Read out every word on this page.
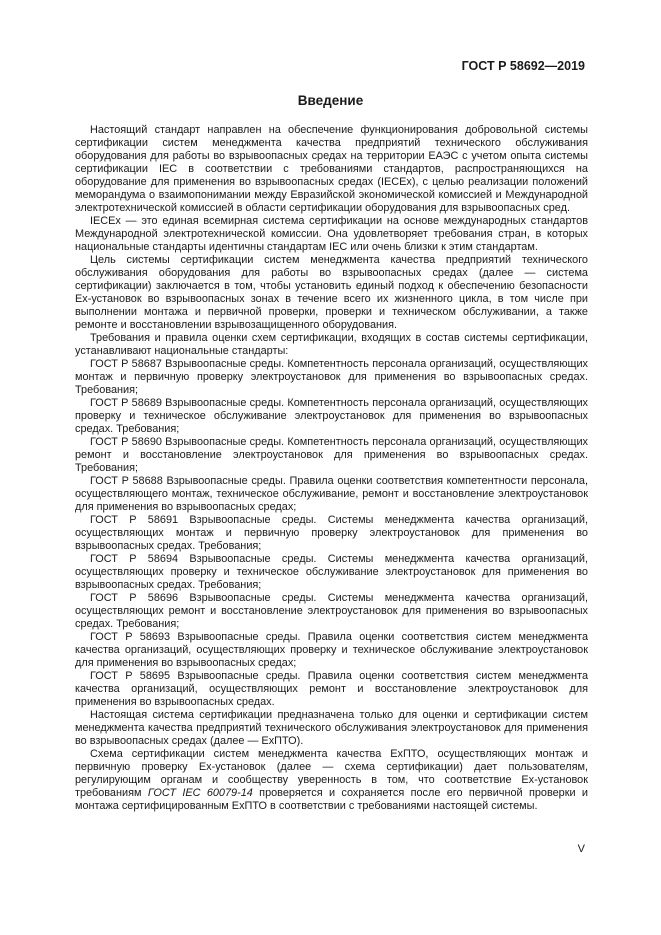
ГОСТ Р 58692—2019
Введение

Настоящий стандарт направлен на обеспечение функционирования добровольной системы сертификации систем менеджмента качества предприятий технического обслуживания оборудования для работы во взрывоопасных средах на территории ЕАЭС с учетом опыта системы сертификации IEC в соответствии с требованиями стандартов, распространяющихся на оборудование для применения во взрывоопасных средах (IECEx), с целью реализации положений меморандума о взаимопонимании между Евразийской экономической комиссией и Международной электротехнической комиссией в области сертификации оборудования для взрывоопасных сред.

IECEx — это единая всемирная система сертификации на основе международных стандартов Международной электротехнической комиссии. Она удовлетворяет требования стран, в которых национальные стандарты идентичны стандартам IEC или очень близки к этим стандартам.

Цель системы сертификации систем менеджмента качества предприятий технического обслуживания оборудования для работы во взрывоопасных средах (далее — система сертификации) заключается в том, чтобы установить единый подход к обеспечению безопасности Ex-установок во взрывоопасных зонах в течение всего их жизненного цикла, в том числе при выполнении монтажа и первичной проверки, проверки и техническом обслуживании, а также ремонте и восстановлении взрывозащищенного оборудования.

Требования и правила оценки схем сертификации, входящих в состав системы сертификации, устанавливают национальные стандарты:

ГОСТ Р 58687 Взрывоопасные среды. Компетентность персонала организаций, осуществляющих монтаж и первичную проверку электроустановок для применения во взрывоопасных средах. Требования;

ГОСТ Р 58689 Взрывоопасные среды. Компетентность персонала организаций, осуществляющих проверку и техническое обслуживание электроустановок для применения во взрывоопасных средах. Требования;

ГОСТ Р 58690 Взрывоопасные среды. Компетентность персонала организаций, осуществляющих ремонт и восстановление электроустановок для применения во взрывоопасных средах. Требования;

ГОСТ Р 58688 Взрывоопасные среды. Правила оценки соответствия компетентности персонала, осуществляющего монтаж, техническое обслуживание, ремонт и восстановление электроустановок для применения во взрывоопасных средах;

ГОСТ Р 58691 Взрывоопасные среды. Системы менеджмента качества организаций, осуществляющих монтаж и первичную проверку электроустановок для применения во взрывоопасных средах. Требования;

ГОСТ Р 58694 Взрывоопасные среды. Системы менеджмента качества организаций, осуществляющих проверку и техническое обслуживание электроустановок для применения во взрывоопасных средах. Требования;

ГОСТ Р 58696 Взрывоопасные среды. Системы менеджмента качества организаций, осуществляющих ремонт и восстановление электроустановок для применения во взрывоопасных средах. Требования;

ГОСТ Р 58693 Взрывоопасные среды. Правила оценки соответствия систем менеджмента качества организаций, осуществляющих проверку и техническое обслуживание электроустановок для применения во взрывоопасных средах;

ГОСТ Р 58695 Взрывоопасные среды. Правила оценки соответствия систем менеджмента качества организаций, осуществляющих ремонт и восстановление электроустановок для применения во взрывоопасных средах.

Настоящая система сертификации предназначена только для оценки и сертификации систем менеджмента качества предприятий технического обслуживания электроустановок для применения во взрывоопасных средах (далее — ExПТО).

Схема сертификации систем менеджмента качества ExПТО, осуществляющих монтаж и первичную проверку Ex-установок (далее — схема сертификации) дает пользователям, регулирующим органам и сообществу уверенность в том, что соответствие Ex-установок требованиям ГОСТ IEC 60079-14 проверяется и сохраняется после его первичной проверки и монтажа сертифицированным ExПТО в соответствии с требованиями настоящей системы.

V
